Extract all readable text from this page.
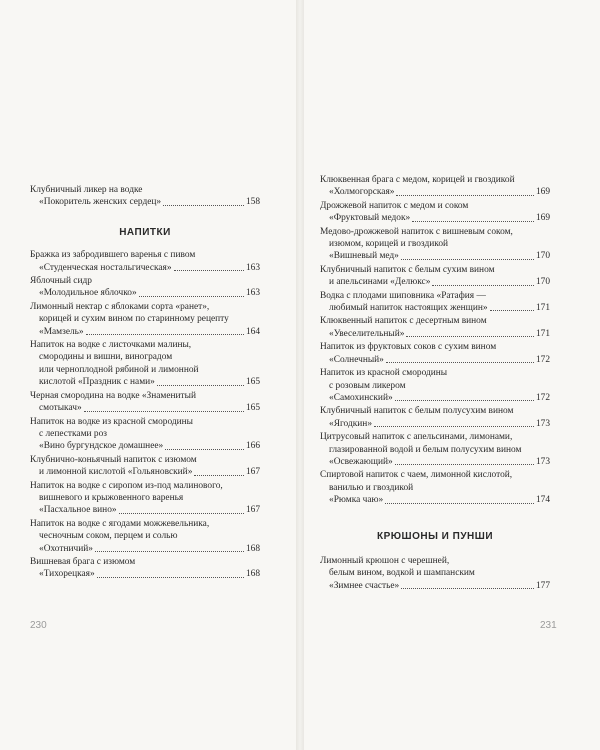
Клубничный ликер на водке
«Покоритель женских сердец»	158
НАПИТКИ
Бражка из забродившего варенья с пивом
«Студенческая ностальгическая»	163
Яблочный сидр
«Молодильное яблочко»	163
Лимонный нектар с яблоками сорта «ранет»,
корицей и сухим вином по старинному рецепту
«Мамзель»	164
Напиток на водке с листочками малины,
смородины и вишни, виноградом
или черноплодной рябиной и лимонной
кислотой «Праздник с нами»	165
Черная смородина на водке «Знаменитый
смотыкач»	165
Напиток на водке из красной смородины
с лепестками роз
«Вино бургундское домашнее»	166
Клубнично-коньячный напиток с изюмом
и лимонной кислотой «Гольяновский»	167
Напиток на водке с сиропом из-под малинового,
вишневого и крыжовенного варенья
«Пасхальное вино»	167
Напиток на водке с ягодами можжевельника,
чесночным соком, перцем и солью
«Охотничий»	168
Вишневая брага с изюмом
«Тихорецкая»	168
Клюквенная брага с медом, корицей и гвоздикой
«Холмогорская»	169
Дрожжевой напиток с медом и соком
«Фруктовый медок»	169
Медово-дрожжевой напиток с вишневым соком,
изюмом, корицей и гвоздикой
«Вишневый мед»	170
Клубничный напиток с белым сухим вином
и апельсинами «Делюкс»	170
Водка с плодами шиповника «Ратафия —
любимый напиток настоящих женщин»	171
Клюквенный напиток с десертным вином
«Увеселительный»	171
Напиток из фруктовых соков с сухим вином
«Солнечный»	172
Напиток из красной смородины
с розовым ликером
«Самохинский»	172
Клубничный напиток с белым полусухим вином
«Ягодкин»	173
Цитрусовый напиток с апельсинами, лимонами,
глазированной водой и белым полусухим вином
«Освежающий»	173
Спиртовой напиток с чаем, лимонной кислотой,
ванилью и гвоздикой
«Рюмка чаю»	174
КРЮШОНЫ И ПУНШИ
Лимонный крюшон с черешней,
белым вином, водкой и шампанским
«Зимнее счастье»	177
230	231
